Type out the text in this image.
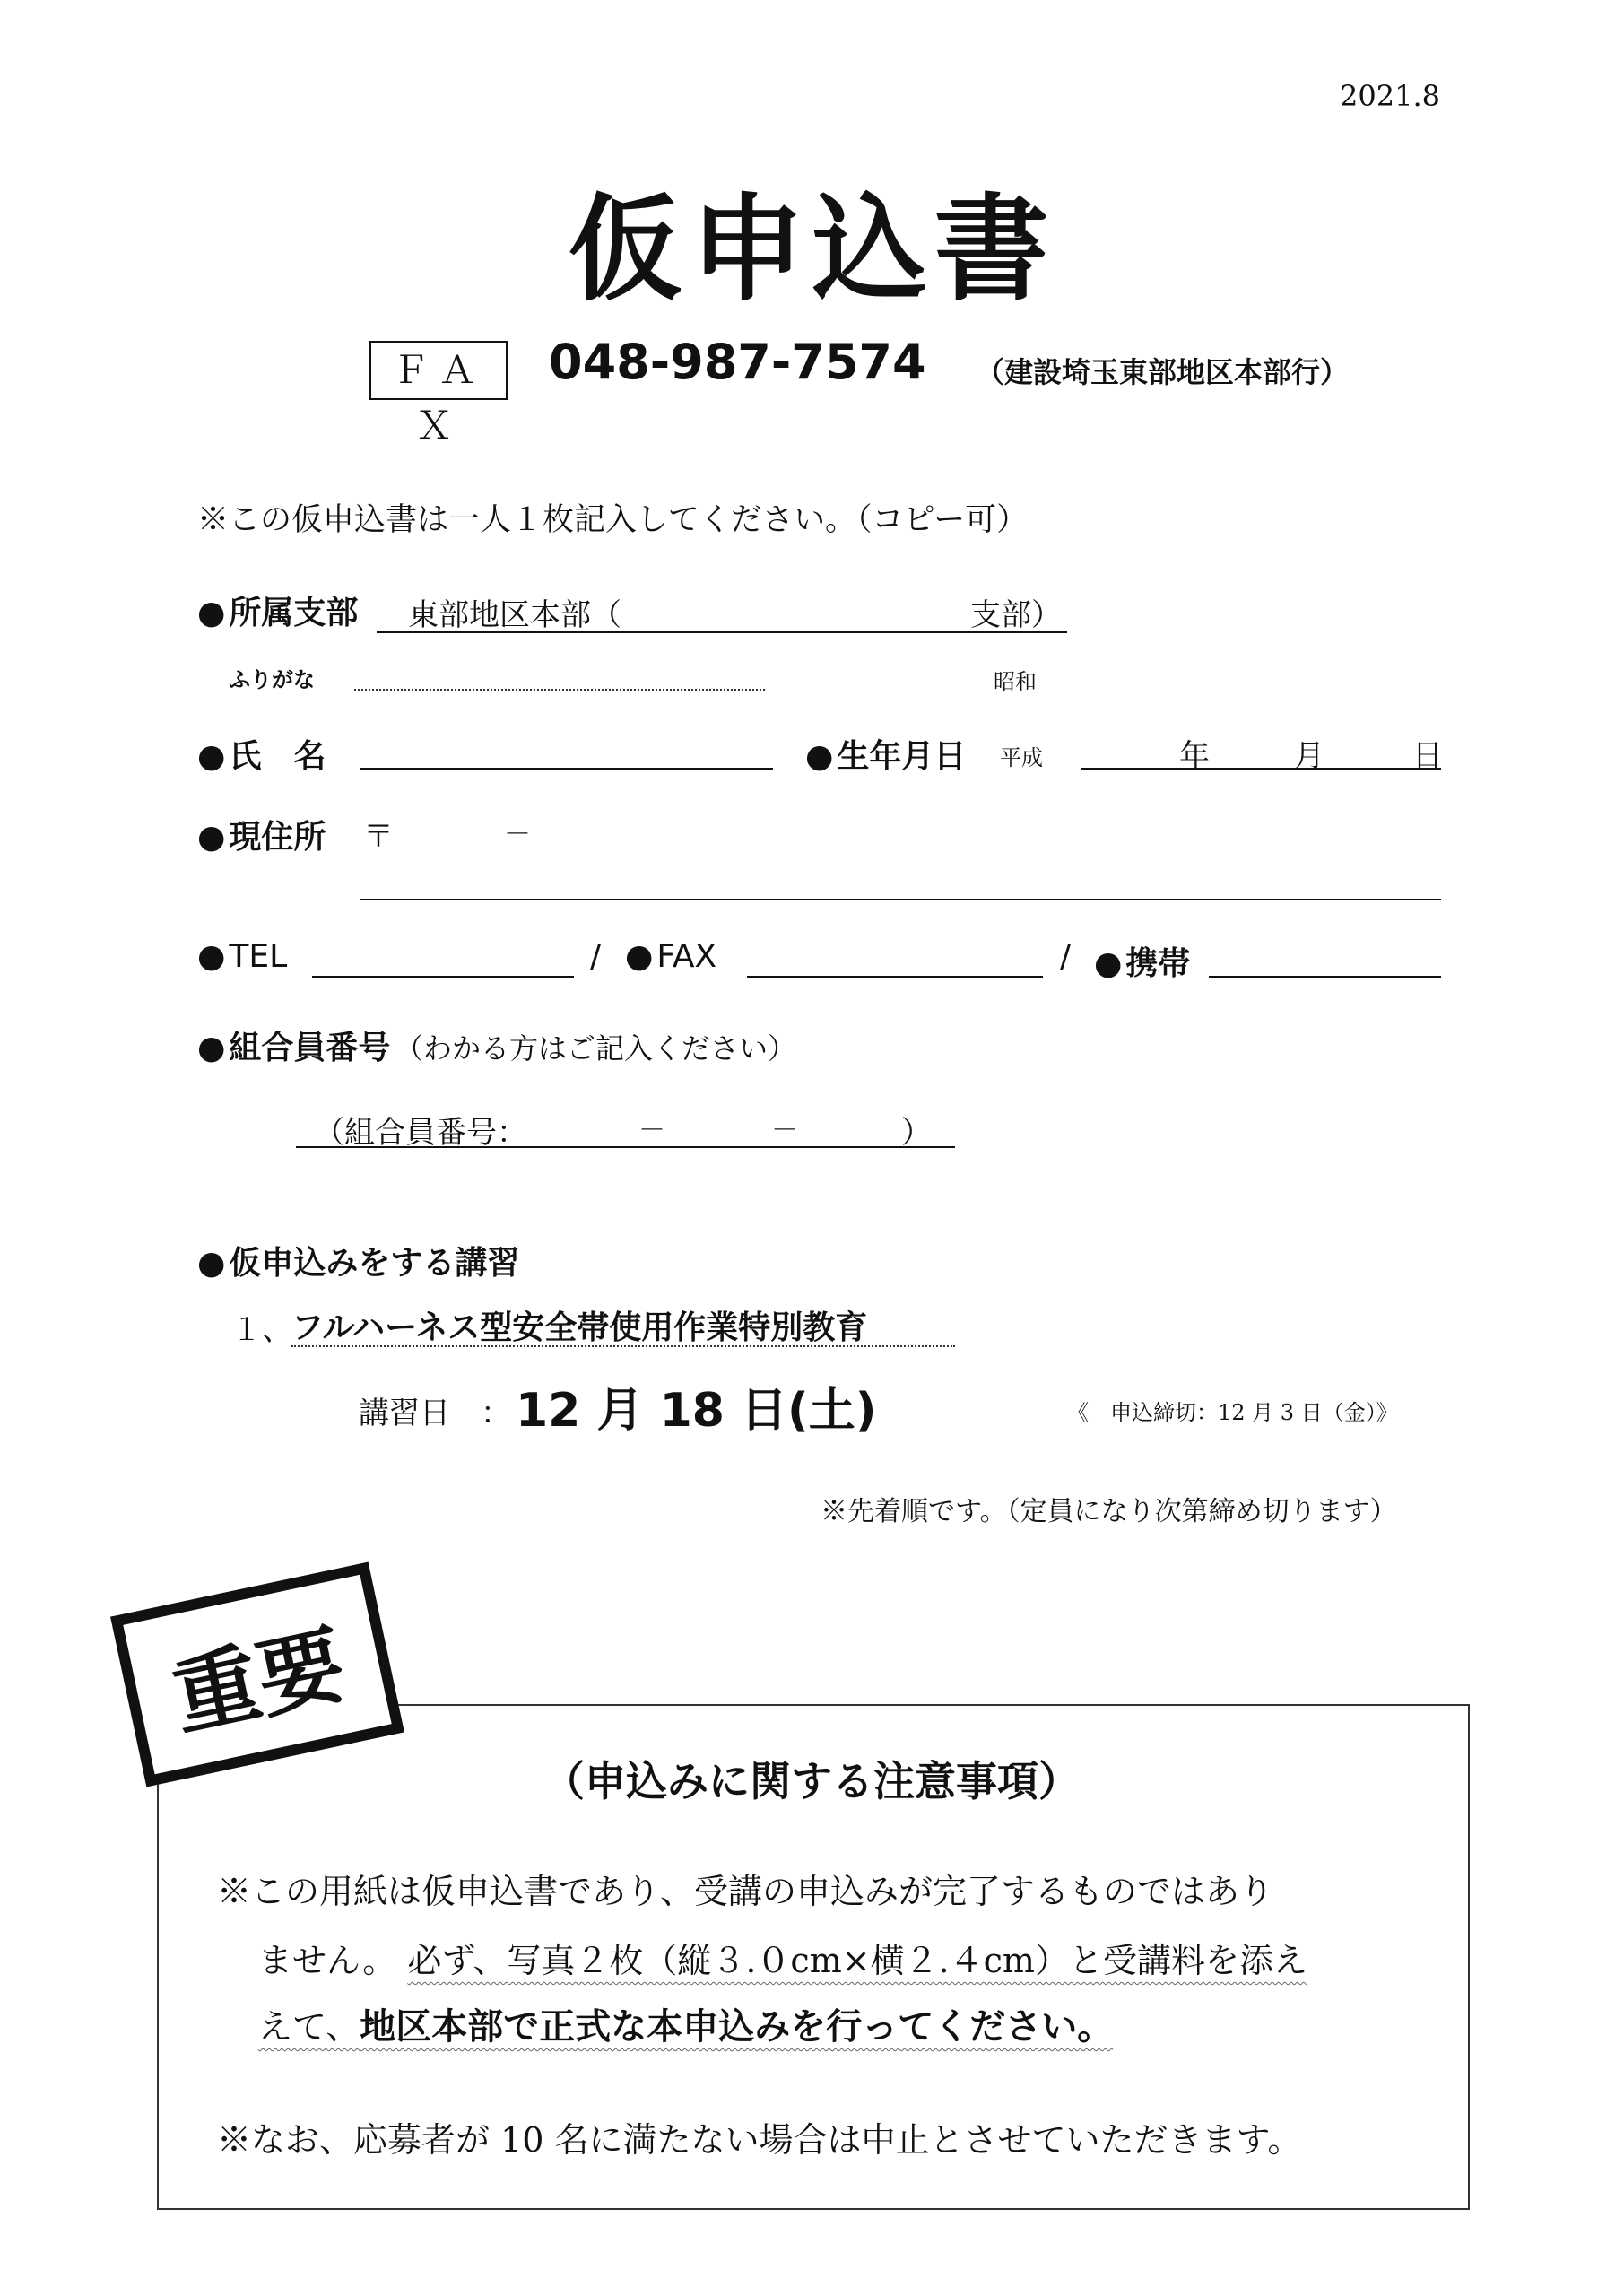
2021.8
仮申込書
ＦＡＸ
048-987-7574 （建設埼玉東部地区本部行）
※この仮申込書は一人１枚記入してください。（コピー可）
● 所属支部 東部地区本部（	支部）
ふりがな	昭和
● 氏　名	● 生年月日 平成	年	月	日
● 現住所 〒	－
● TEL	/	● FAX	/	● 携帯
● 組合員番号 （わかる方はご記入ください）
（組合員番号：	－	－	）
● 仮申込みをする講習
１、 フルハーネス型安全帯使用作業特別教育
講習日　： 12 月 18 日(土)	《　申込締切：12 月 3 日（金）》
※先着順です。（定員になり次第締め切ります）
重要
（申込みに関する注意事項）
※この用紙は仮申込書であり、受講の申込みが完了するものではあり
ません。 必ず、写真２枚（縦３.０cm×横２.４cm）と受講料を添え
えて、地区本部で正式な本申込みを行ってください。
※なお、応募者が 10 名に満たない場合は中止とさせていただきます。
